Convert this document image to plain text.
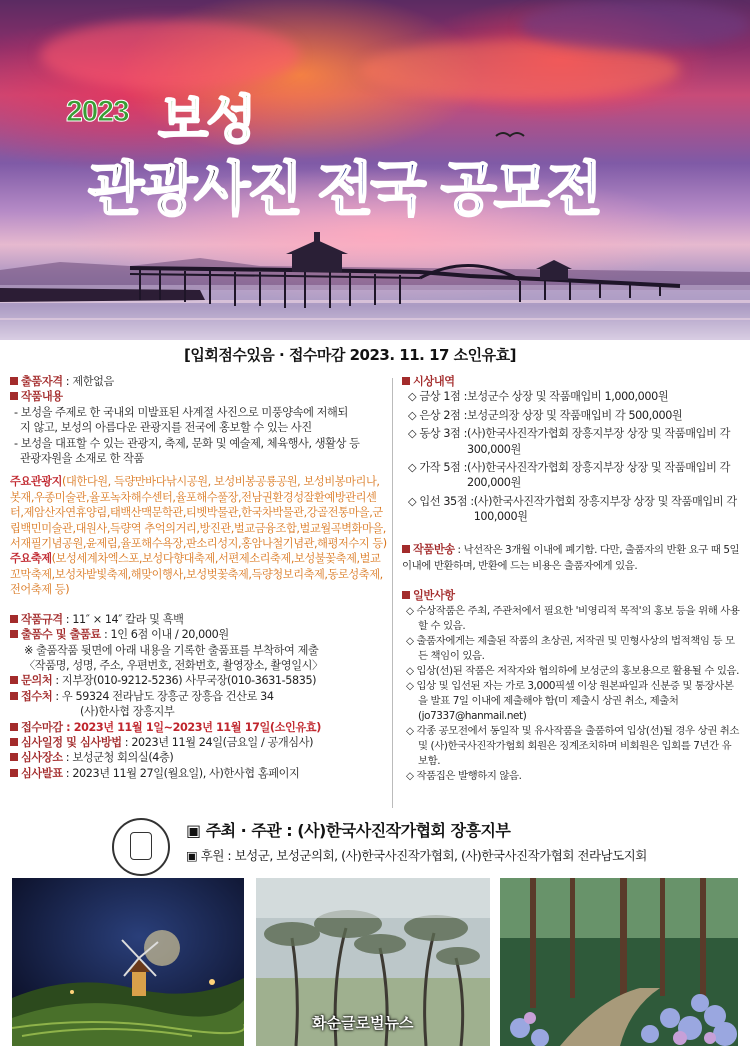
2023 보성
관광사진 전국 공모전
[입회점수있음 · 접수마감 2023. 11. 17 소인유효]
출품자격 : 제한없음
작품내용
- 보성을 주제로 한 국내외 미발표된 사계절 사진으로 미풍양속에 저해되
지 않고, 보성의 아름다운 관광지를 전국에 홍보할 수 있는 사진
- 보성을 대표할 수 있는 관광지, 축제, 문화 및 예술제, 체육행사, 생활상 등
관광자원을 소재로 한 작품
주요관광지(대한다원, 득량만바다낚시공원, 보성비봉공룡공원, 보성비봉마리나,봇재,우종미술관,율포녹차해수센터,율포해수풀장,전남권환경성잘환예방관리센터,제암산자연휴양림,태백산맥문학관,티벳박물관,한국차박물관,강골전통마을,군립백민미술관,대원사,득량역 추억의거리,방진관,벌교금융조합,벌교월곡벽화마을,서재필기념공원,윤제림,율포해수욕장,판소리성지,홍암나철기념관,해평저수지 등)
주요축제(보성세계차엑스포,보성다향대축제,서편제소리축제,보성불꽃축제,벌교꼬막축제,보성차밭빛축제,해맞이행사,보성벚꽃축제,득량청보리축제,동로성축제,전어축제 등)
작품규격 : 11″ × 14″ 칼라 및 흑백
출품수 및 출품료 : 1인 6점 이내 / 20,000원
※ 출품작품 뒷면에 아래 내용을 기록한 출품표를 부착하여 제출
〈작품명, 성명, 주소, 우편번호, 전화번호, 촬영장소, 촬영일시〉
문의처 : 지부장(010-9212-5236) 사무국장(010-3631-5835)
접수처 : 우 59324 전라남도 장흥군 장흥읍 건산로 34
(사)한사협 장흥지부
접수마감 : 2023년 11월 1일~2023년 11월 17일(소인유효)
심사일정 및 심사방법 : 2023년 11월 24일(금요일 / 공개심사)
심사장소 : 보성군청 회의실(4층)
심사발표 : 2023년 11월 27일(월요일), 사)한사협 홈페이지
시상내역
◇ 금상 1점 : 보성군수 상장 및 작품매입비 1,000,000원
◇ 은상 2점 : 보성군의장 상장 및 작품매입비 각 500,000원
◇ 동상 3점 : (사)한국사진작가협회 장흥지부장 상장 및 작품매입비 각 300,000원
◇ 가작 5점 : (사)한국사진작가협회 장흥지부장 상장 및 작품매입비 각 200,000원
◇ 입선 35점 : (사)한국사진작가협회 장흥지부장 상장 및 작품매입비 각 100,000원
작품반송 : 낙선작은 3개월 이내에 폐기함. 다만, 출품자의 반환 요구 때 5일 이내에 반환하며, 반환에 드는 비용은 출품자에게 있음.
일반사항
◇ 수상작품은 주최, 주관처에서 필요한 '비영리적 목적'의 홍보 등을 위해 사용할 수 있음.
◇ 출품자에게는 제출된 작품의 초상권, 저작권 및 민형사상의 법적책임 등 모든 책임이 있음.
◇ 입상(선)된 작품은 저작자와 협의하에 보성군의 홍보용으로 활용될 수 있음.
◇ 입상 및 입선된 자는 가로 3,000픽셀 이상 원본파일과 신분증 및 통장사본을 발표 7일 이내에 제출해야 함(미 제출시 상권 취소, 제출처 (jo7337@hanmail.net)
◇ 각종 공모전에서 동일작 및 유사작품을 출품하여 입상(선)될 경우 상권 취소 및 (사)한국사진작가협회 회원은 징계조치하며 비회원은 입회를 7년간 유보함.
◇ 작품집은 발행하지 않음.
▣ 주최 · 주관 : (사)한국사진작가협회 장흥지부
▣ 후원 : 보성군, 보성군의회, (사)한국사진작가협회, (사)한국사진작가협회 전라남도지회
화순글로벌뉴스
